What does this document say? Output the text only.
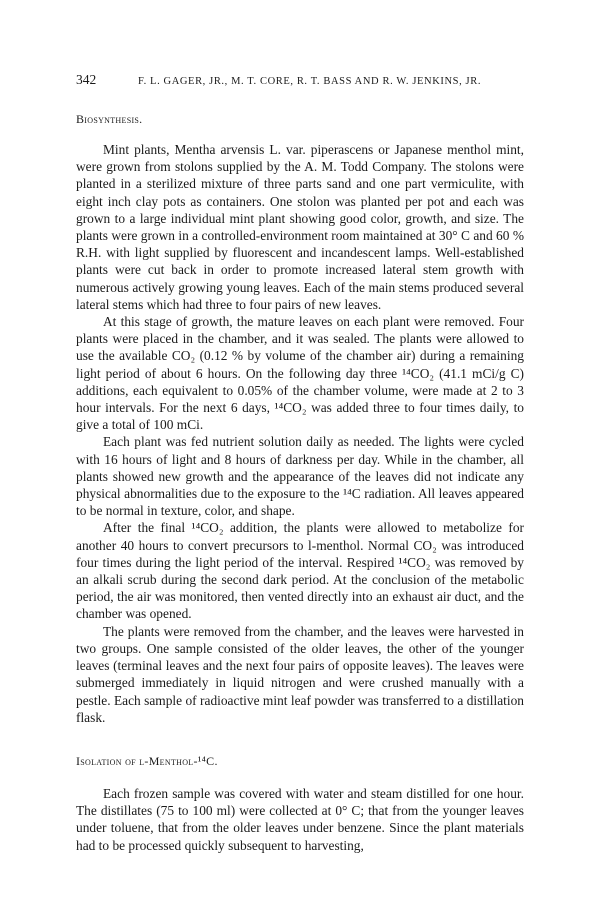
342	F. L. GAGER, JR., M. T. CORE, R. T. BASS AND R. W. JENKINS, JR.
Biosynthesis.

Mint plants, Mentha arvensis L. var. piperascens or Japanese menthol mint, were grown from stolons supplied by the A. M. Todd Company. The stolons were planted in a sterilized mixture of three parts sand and one part vermiculite, with eight inch clay pots as containers. One stolon was planted per pot and each was grown to a large individual mint plant showing good color, growth, and size. The plants were grown in a controlled-environment room maintained at 30° C and 60 % R.H. with light supplied by fluorescent and incandescent lamps. Well-established plants were cut back in order to promote increased lateral stem growth with numerous actively growing young leaves. Each of the main stems produced several lateral stems which had three to four pairs of new leaves.

At this stage of growth, the mature leaves on each plant were removed. Four plants were placed in the chamber, and it was sealed. The plants were allowed to use the available CO₂ (0.12 % by volume of the chamber air) during a remaining light period of about 6 hours. On the following day three ¹⁴CO₂ (41.1 mCi/g C) additions, each equivalent to 0.05% of the chamber volume, were made at 2 to 3 hour intervals. For the next 6 days, ¹⁴CO₂ was added three to four times daily, to give a total of 100 mCi.

Each plant was fed nutrient solution daily as needed. The lights were cycled with 16 hours of light and 8 hours of darkness per day. While in the chamber, all plants showed new growth and the appearance of the leaves did not indicate any physical abnormalities due to the exposure to the ¹⁴C radiation. All leaves appeared to be normal in texture, color, and shape.

After the final ¹⁴CO₂ addition, the plants were allowed to metabolize for another 40 hours to convert precursors to l-menthol. Normal CO₂ was introduced four times during the light period of the interval. Respired ¹⁴CO₂ was removed by an alkali scrub during the second dark period. At the conclusion of the metabolic period, the air was monitored, then vented directly into an exhaust air duct, and the chamber was opened.

The plants were removed from the chamber, and the leaves were harvested in two groups. One sample consisted of the older leaves, the other of the younger leaves (terminal leaves and the next four pairs of opposite leaves). The leaves were submerged immediately in liquid nitrogen and were crushed manually with a pestle. Each sample of radioactive mint leaf powder was transferred to a distillation flask.

Isolation of l-Menthol-¹⁴C.

Each frozen sample was covered with water and steam distilled for one hour. The distillates (75 to 100 ml) were collected at 0° C; that from the younger leaves under toluene, that from the older leaves under benzene. Since the plant materials had to be processed quickly subsequent to harvesting,
